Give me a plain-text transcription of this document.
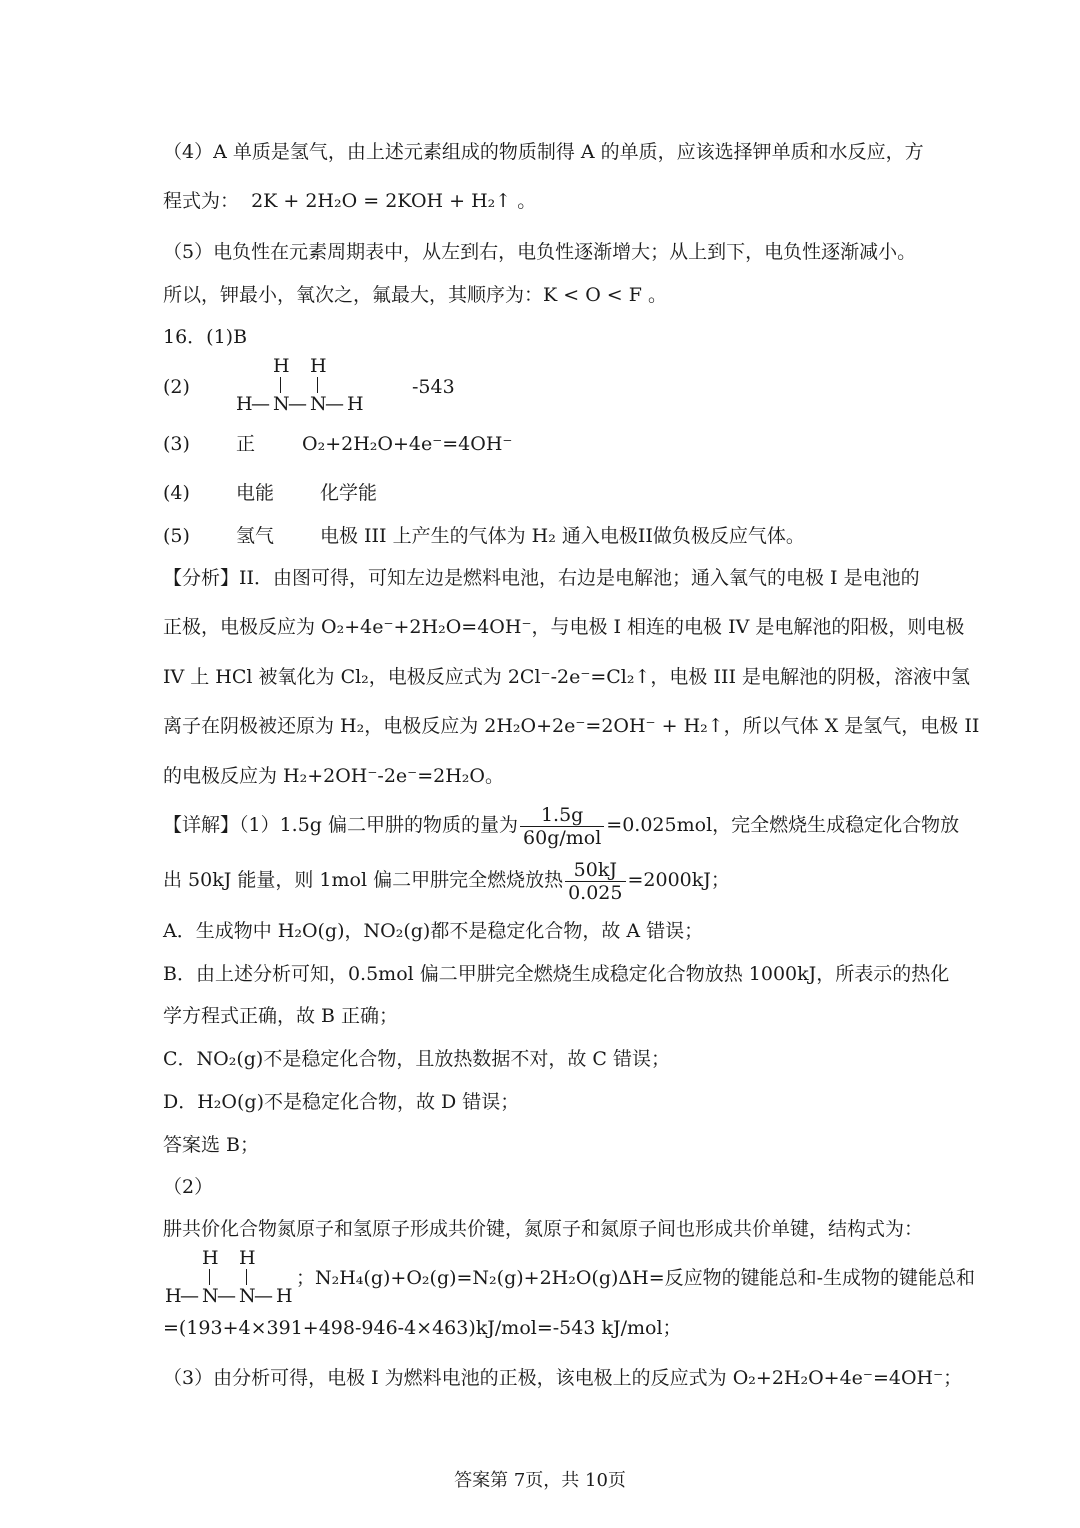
（4）A 单质是氢气，由上述元素组成的物质制得 A 的单质，应该选择钾单质和水反应，方
程式为： 2K + 2H₂O = 2KOH + H₂↑ 。
（5）电负性在元素周期表中，从左到右，电负性逐渐增大；从上到下，电负性逐渐减小。
所以，钾最小，氧次之，氟最大，其顺序为：K < O < F 。
16．(1)B
(2)
H H
H
— N
— N
— H
-543
(3) 正 O₂+2H₂O+4e⁻=4OH⁻
(4) 电能 化学能
(5) 氢气 电极 III 上产生的气体为 H₂ 通入电极II做负极反应气体。
【分析】II．由图可得，可知左边是燃料电池，右边是电解池；通入氧气的电极 I 是电池的
正极，电极反应为 O₂+4e⁻+2H₂O=4OH⁻，与电极 I 相连的电极 IV 是电解池的阳极，则电极
IV 上 HCl 被氧化为 Cl₂，电极反应式为 2Cl⁻-2e⁻=Cl₂↑，电极 III 是电解池的阴极，溶液中氢
离子在阴极被还原为 H₂，电极反应为 2H₂O+2e⁻=2OH⁻ + H₂↑，所以气体 X 是氢气，电极 II
的电极反应为 H₂+2OH⁻-2e⁻=2H₂O。
【详解】（1）1.5g 偏二甲肼的物质的量为 $\frac{1.5g}{\text{60g/mol}} =0.025mol$，完全燃烧生成稳定化合物放
出 50kJ 能量，则 1mol 偏二甲肼完全燃烧放热 $\frac{50kJ}{0.025} =2000kJ$；
A．生成物中 H₂O(g)，NO₂(g)都不是稳定化合物，故 A 错误；
B．由上述分析可知，0.5mol 偏二甲肼完全燃烧生成稳定化合物放热 1000kJ，所表示的热化
学方程式正确，故 B 正确；
C．NO₂(g)不是稳定化合物，且放热数据不对，故 C 错误；
D．H₂O(g)不是稳定化合物，故 D 错误；
答案选 B；
（2）
肼共价化合物氮原子和氢原子形成共价键，氮原子和氮原子间也形成共价单键，结构式为：
H H
H
— N
— N
— H
；N₂H₄(g)+O₂(g)=N₂(g)+2H₂O(g)ΔH=反应物的键能总和-生成物的键能总和
=(193+4×391+498-946-4×463)kJ/mol=-543 kJ/mol；
（3）由分析可得，电极 I 为燃料电池的正极，该电极上的反应式为 O₂+2H₂O+4e⁻=4OH⁻；
答案第 7页，共 10页
